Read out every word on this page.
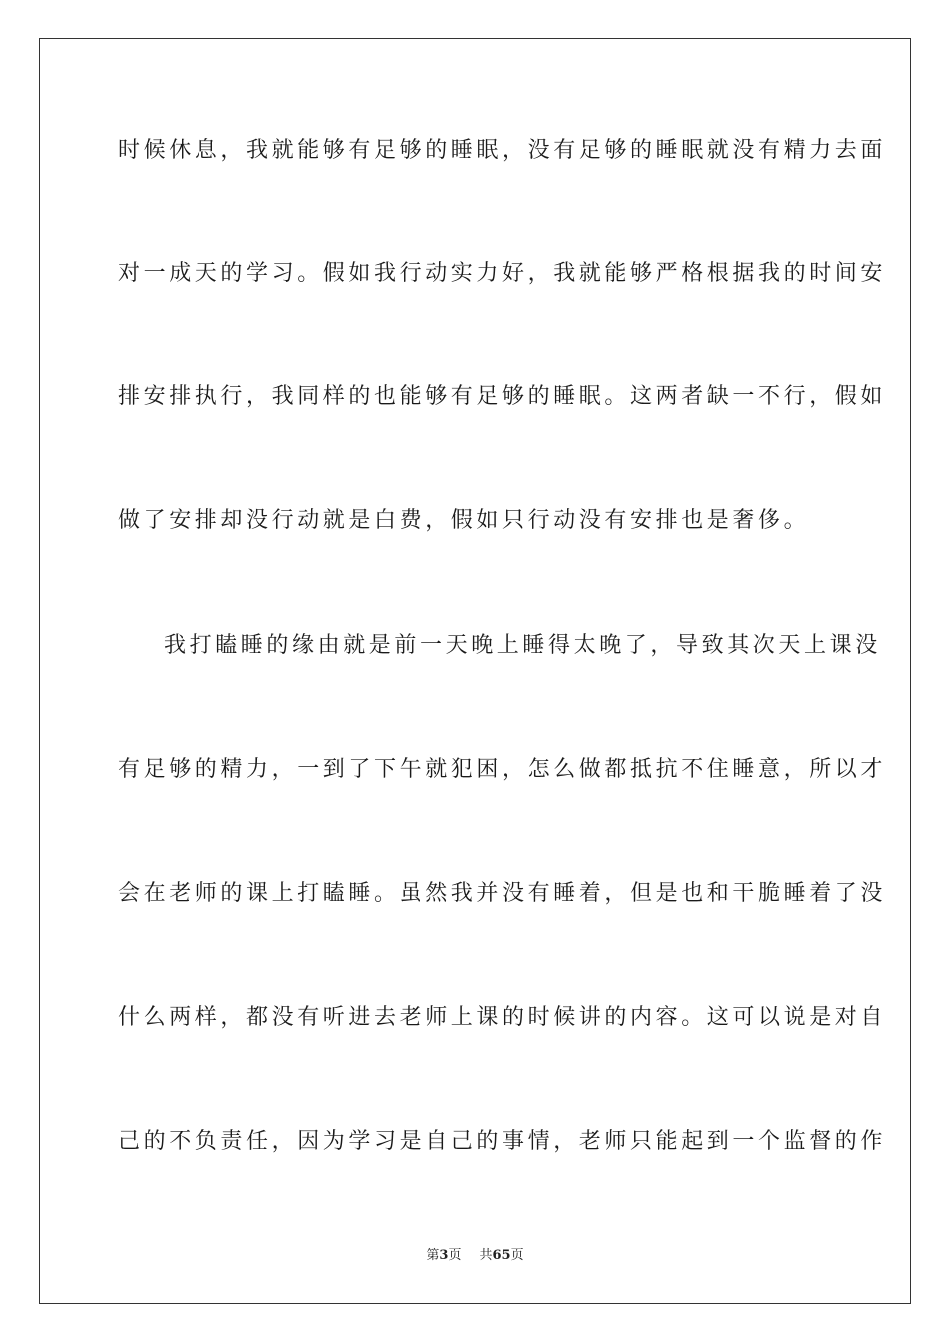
时候休息，我就能够有足够的睡眠，没有足够的睡眠就没有精力去面
对一成天的学习。假如我行动实力好，我就能够严格根据我的时间安
排安排执行，我同样的也能够有足够的睡眠。这两者缺一不行，假如
做了安排却没行动就是白费，假如只行动没有安排也是奢侈。
我打瞌睡的缘由就是前一天晚上睡得太晚了，导致其次天上课没
有足够的精力，一到了下午就犯困，怎么做都抵抗不住睡意，所以才
会在老师的课上打瞌睡。虽然我并没有睡着，但是也和干脆睡着了没
什么两样，都没有听进去老师上课的时候讲的内容。这可以说是对自
己的不负责任，因为学习是自己的事情，老师只能起到一个监督的作
第3页 共65页
